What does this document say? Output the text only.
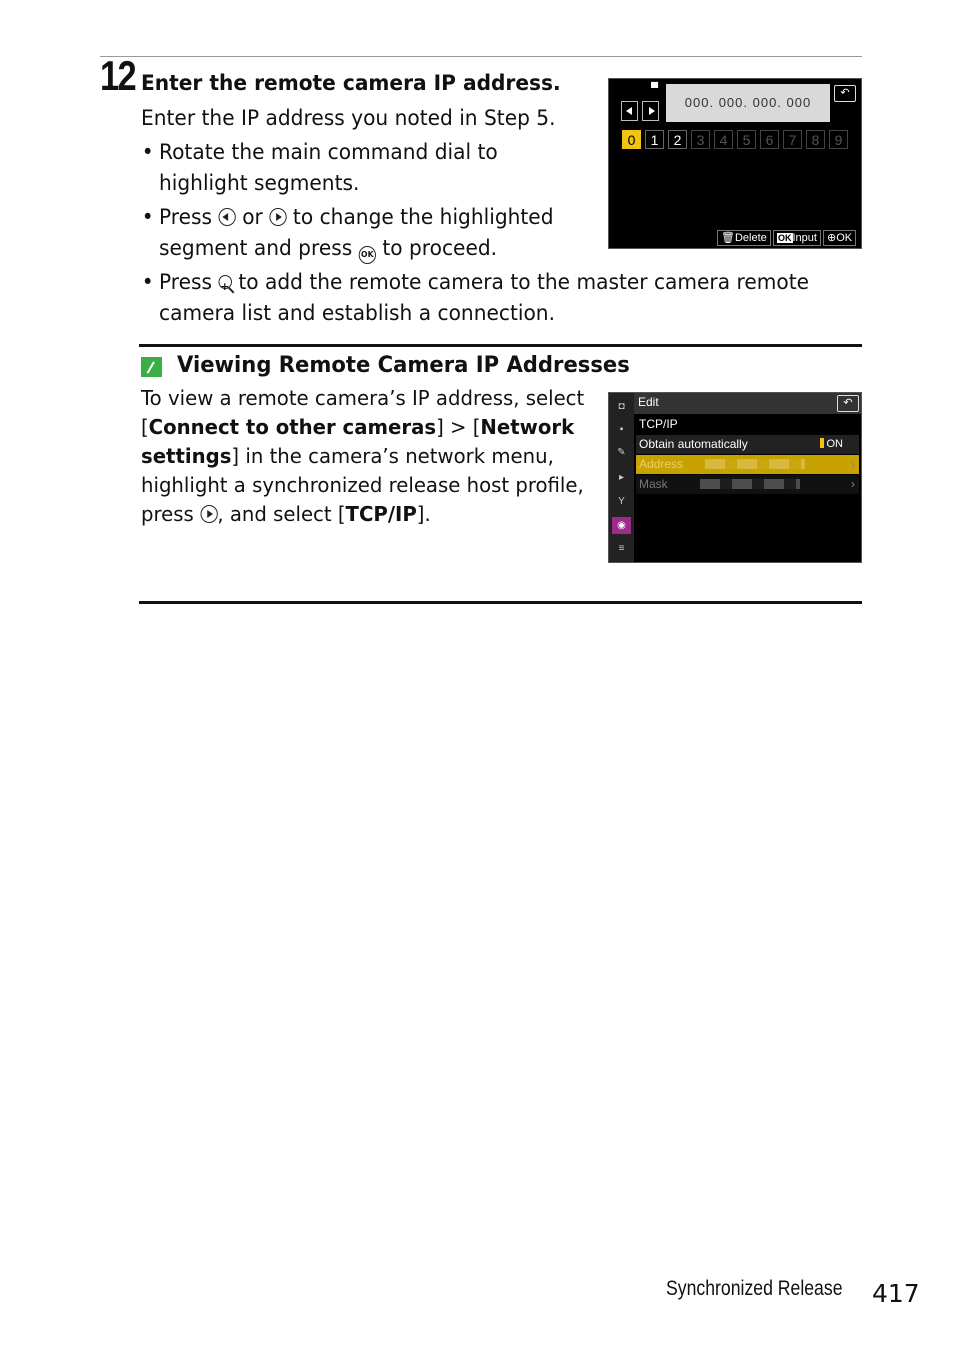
12 Enter the remote camera IP address.
Enter the IP address you noted in Step 5.
• Rotate the main command dial to
highlight segments.
• Press or to change the highlighted
segment and press OK to proceed.
• Press + to add the remote camera to the master camera remote
camera list and establish a connection.
▀
000. 000. 000. 000
↶
0	1	2	3	4	5	6	7	8	9
🗑Delete	OKInput ⊕OK
Viewing Remote Camera IP Addresses
To view a remote camera’s IP address, select
[Connect to other cameras] > [Network
settings] in the camera’s network menu,
highlight a synchronized release host profile,
press , and select [TCP/IP].
◘
▪
✎
▸
Y
◉
≡
Edit	↶
TCP/IP
Obtain automatically	ON
Address	›
Mask	›
Synchronized Release 417
